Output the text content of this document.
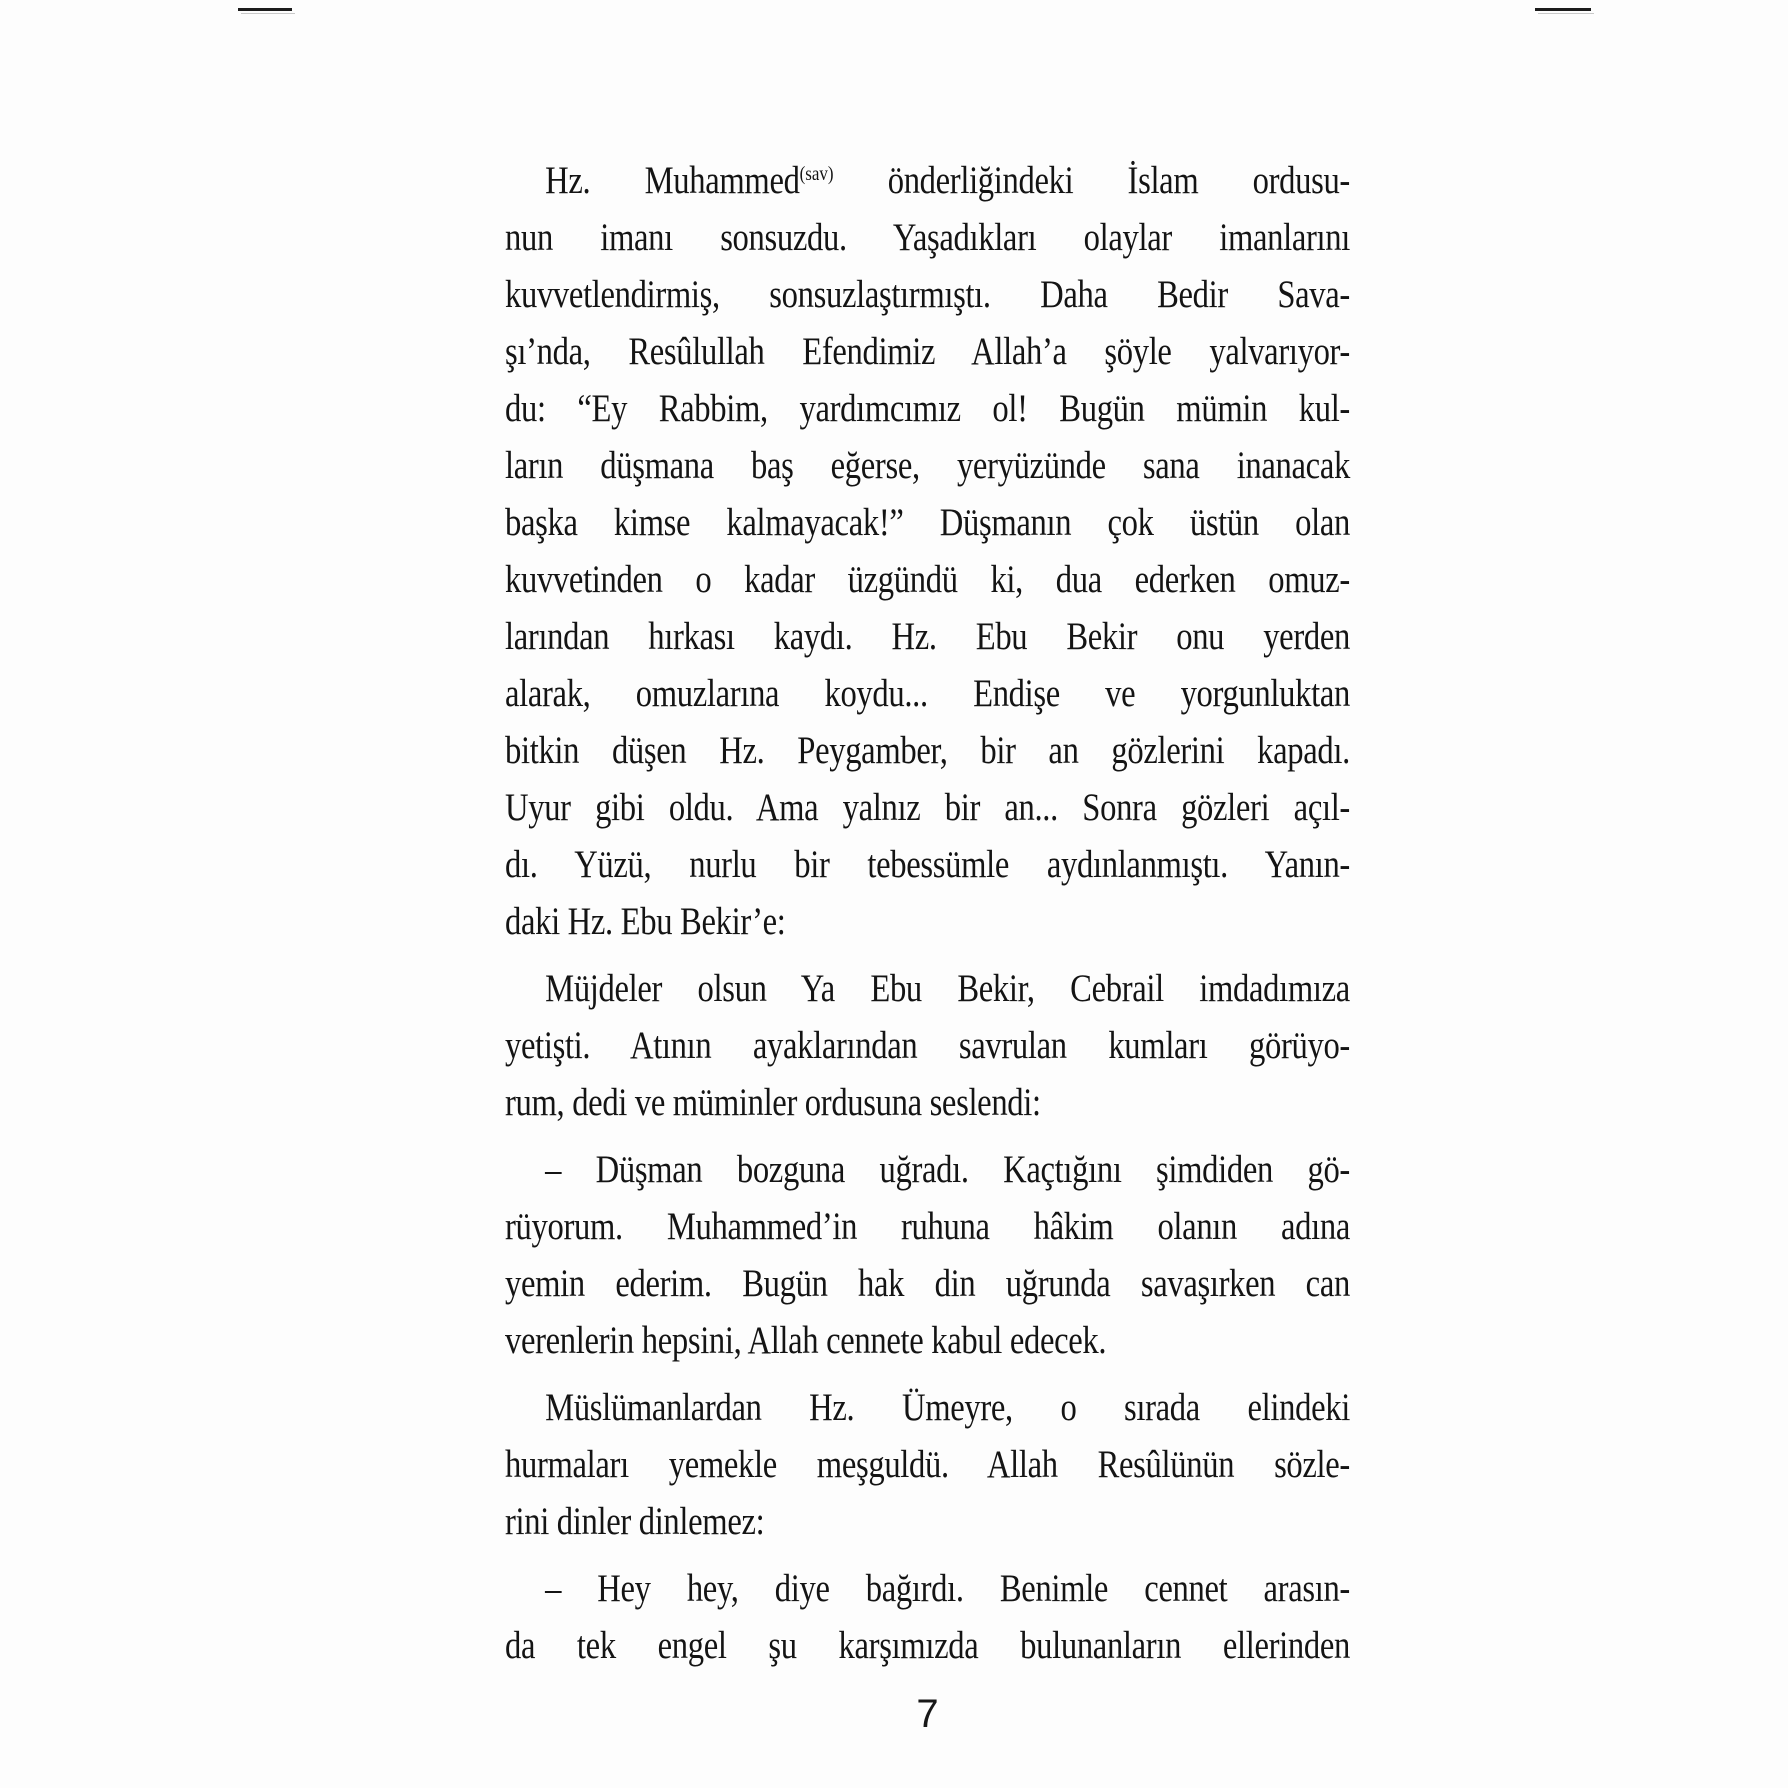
Hz. Muhammed$^{(sav)}$ önderliğindeki İslam ordusu-
nun imanı sonsuzdu. Yaşadıkları olaylar imanlarını
kuvvetlendirmiş, sonsuzlaştırmıştı. Daha Bedir Sava-
şı’nda, Resûlullah Efendimiz Allah’a şöyle yalvarıyor-
du: “Ey Rabbim, yardımcımız ol! Bugün mümin kul-
ların düşmana baş eğerse, yeryüzünde sana inanacak
başka kimse kalmayacak!” Düşmanın çok üstün olan
kuvvetinden o kadar üzgündü ki, dua ederken omuz-
larından hırkası kaydı. Hz. Ebu Bekir onu yerden
alarak, omuzlarına koydu... Endişe ve yorgunluktan
bitkin düşen Hz. Peygamber, bir an gözlerini kapadı.
Uyur gibi oldu. Ama yalnız bir an... Sonra gözleri açıl-
dı. Yüzü, nurlu bir tebessümle aydınlanmıştı. Yanın-
daki Hz. Ebu Bekir’e:
Müjdeler olsun Ya Ebu Bekir, Cebrail imdadımıza
yetişti. Atının ayaklarından savrulan kumları görüyo-
rum, dedi ve müminler ordusuna seslendi:
– Düşman bozguna uğradı. Kaçtığını şimdiden gö-
rüyorum. Muhammed’in ruhuna hâkim olanın adına
yemin ederim. Bugün hak din uğrunda savaşırken can
verenlerin hepsini, Allah cennete kabul edecek.
Müslümanlardan Hz. Ümeyre, o sırada elindeki
hurmaları yemekle meşguldü. Allah Resûlünün sözle-
rini dinler dinlemez:
– Hey hey, diye bağırdı. Benimle cennet arasın-
da tek engel şu karşımızda bulunanların ellerinden
7
